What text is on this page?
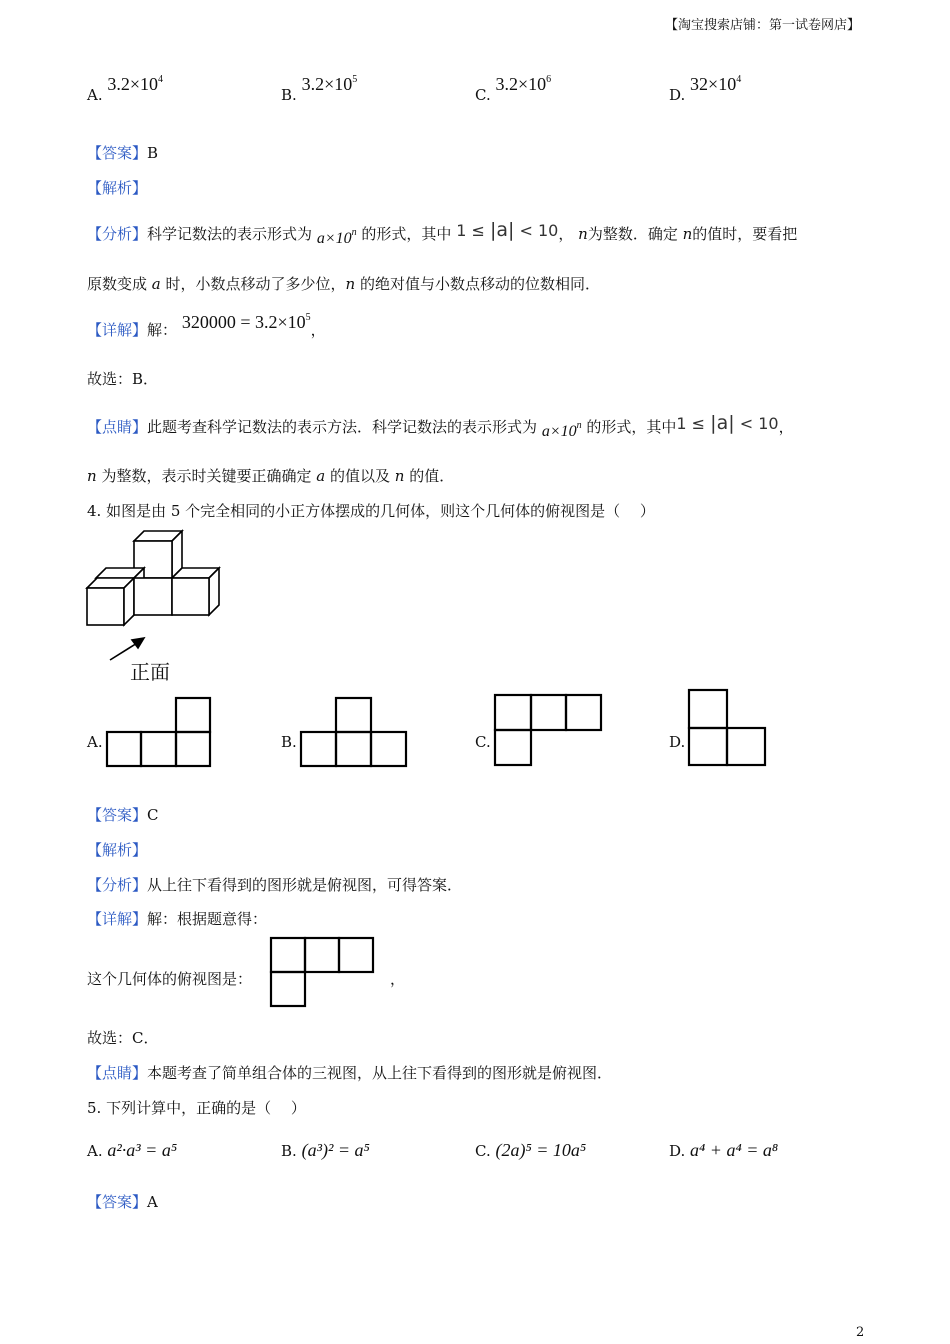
【淘宝搜索店铺：第一试卷网店】
A. $3.2\times 10^4$
B. $3.2\times 10^5$
C. $3.2\times 10^6$
D. $32\times 10^4$
【答案】B
【解析】
【分析】科学记数法的表示形式为 $a\times 10^n$ 的形式，其中 1 ≤ |a| < 10， n为整数．确定 n的值时，要看把
原数变成 a 时，小数点移动了多少位，n 的绝对值与小数点移动的位数相同．
【详解】解： $320000 = 3.2\times 10^5$，
故选：B．
【点睛】此题考查科学记数法的表示方法．科学记数法的表示形式为 $a\times 10^n$ 的形式，其中1 ≤ |a| < 10，
n 为整数，表示时关键要正确确定 a 的值以及 n 的值．
4. 如图是由 5 个完全相同的小正方体摆成的几何体，则这个几何体的俯视图是（　 ）
正面
A.	B.	C.	D.
【答案】C
【解析】
【分析】从上往下看得到的图形就是俯视图，可得答案．
【详解】解：根据题意得：
这个几何体的俯视图是：	，
故选：C．
【点睛】本题考查了简单组合体的三视图，从上往下看得到的图形就是俯视图．
5. 下列计算中，正确的是（　 ）
A. a²·a³ = a⁵	B. (a³)² = a⁵	C. (2a)⁵ = 10a⁵	D. a⁴ + a⁴ = a⁸
【答案】A
2
